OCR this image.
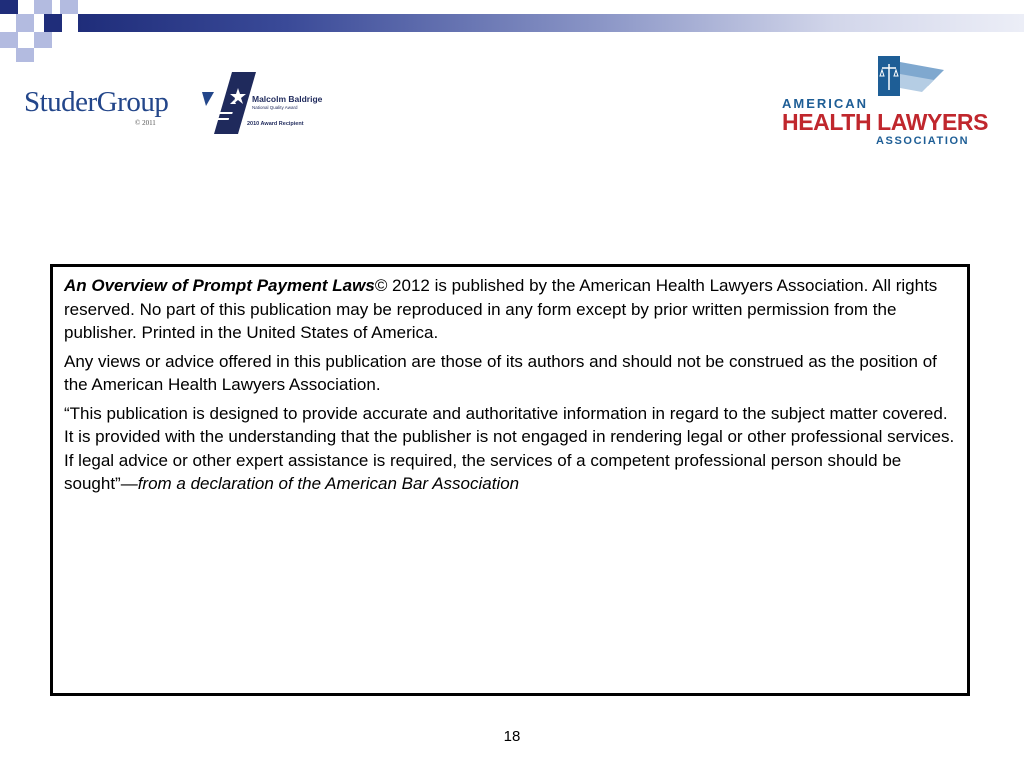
StuderGroup
© 2011
Malcolm Baldrige
National Quality Award
2010 Award Recipient
AMERICAN
HEALTH LAWYERS
ASSOCIATION

An Overview of Prompt Payment Laws© 2012 is published by the American Health Lawyers Association. All rights reserved. No part of this publication may be reproduced in any form except by prior written permission from the publisher. Printed in the United States of America.

Any views or advice offered in this publication are those of its authors and should not be construed as the position of the American Health Lawyers Association.

“This publication is designed to provide accurate and authoritative information in regard to the subject matter covered. It is provided with the understanding that the publisher is not engaged in rendering legal or other professional services. If legal advice or other expert assistance is required, the services of a competent professional person should be sought”—from a declaration of the American Bar Association

18
